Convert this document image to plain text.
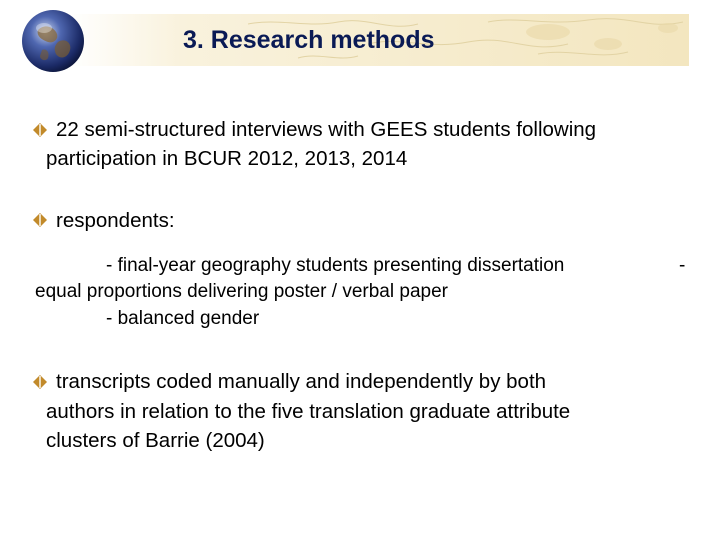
3. Research methods
22 semi-structured interviews with GEES students following
participation in BCUR 2012, 2013, 2014
respondents:
- final-year geography students presenting dissertation	-
equal proportions delivering poster / verbal paper
- balanced gender
transcripts coded manually and independently by both
authors in relation to the five translation graduate attribute
clusters of Barrie (2004)
